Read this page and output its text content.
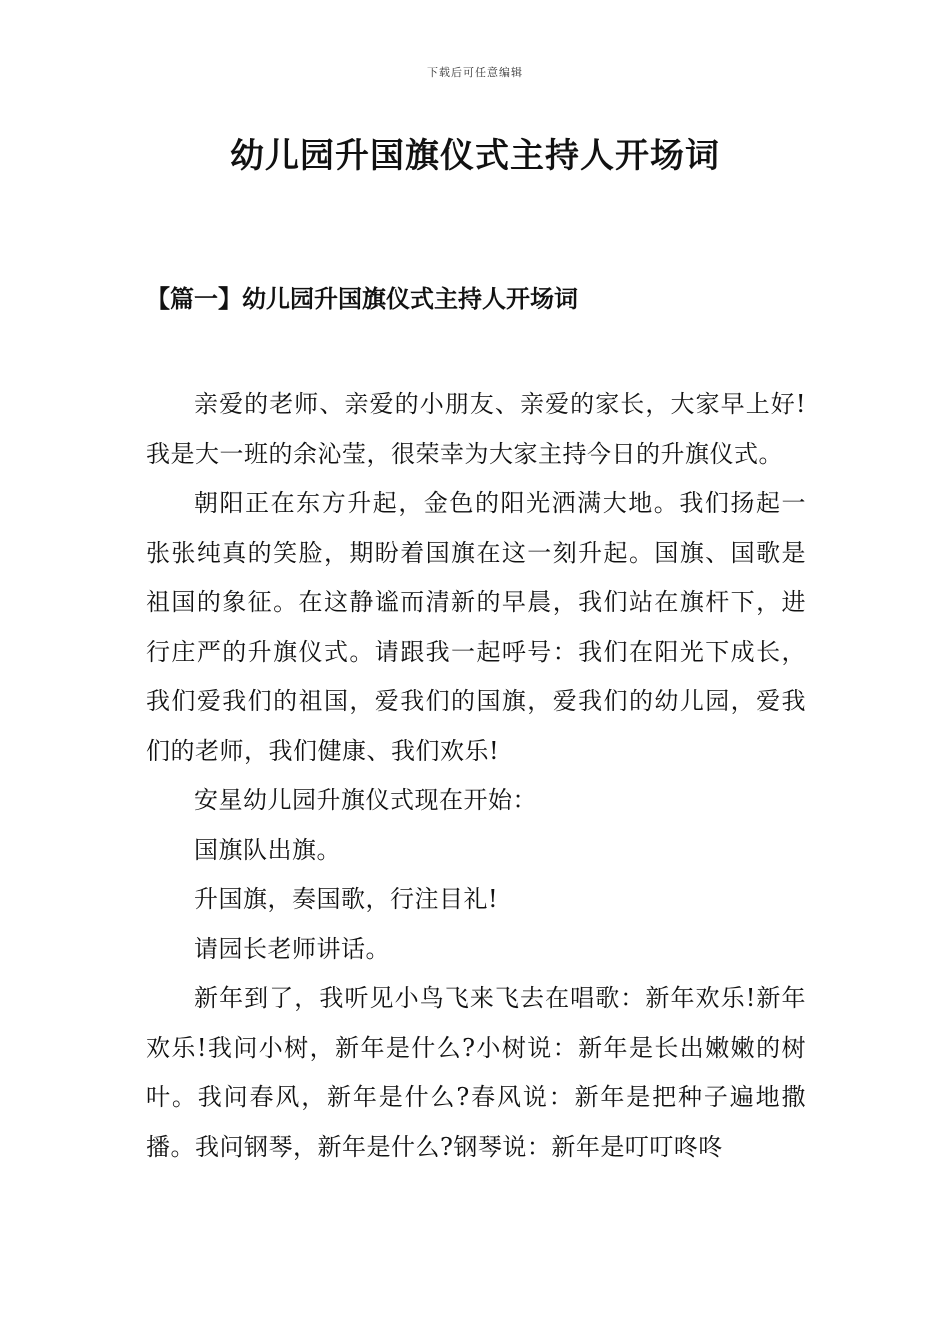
下载后可任意编辑
幼儿园升国旗仪式主持人开场词
【篇一】幼儿园升国旗仪式主持人开场词

亲爱的老师、亲爱的小朋友、亲爱的家长，大家早上好!我是大一班的余沁莹，很荣幸为大家主持今日的升旗仪式。

朝阳正在东方升起，金色的阳光洒满大地。我们扬起一张张纯真的笑脸，期盼着国旗在这一刻升起。国旗、国歌是祖国的象征。在这静谧而清新的早晨，我们站在旗杆下，进行庄严的升旗仪式。请跟我一起呼号：我们在阳光下成长，我们爱我们的祖国，爱我们的国旗，爱我们的幼儿园，爱我们的老师，我们健康、我们欢乐!

安星幼儿园升旗仪式现在开始：

国旗队出旗。

升国旗，奏国歌，行注目礼!

请园长老师讲话。

新年到了，我听见小鸟飞来飞去在唱歌：新年欢乐!新年欢乐!我问小树，新年是什么?小树说：新年是长出嫩嫩的树叶。我问春风，新年是什么?春风说：新年是把种子遍地撒播。我问钢琴，新年是什么?钢琴说：新年是叮叮咚咚
